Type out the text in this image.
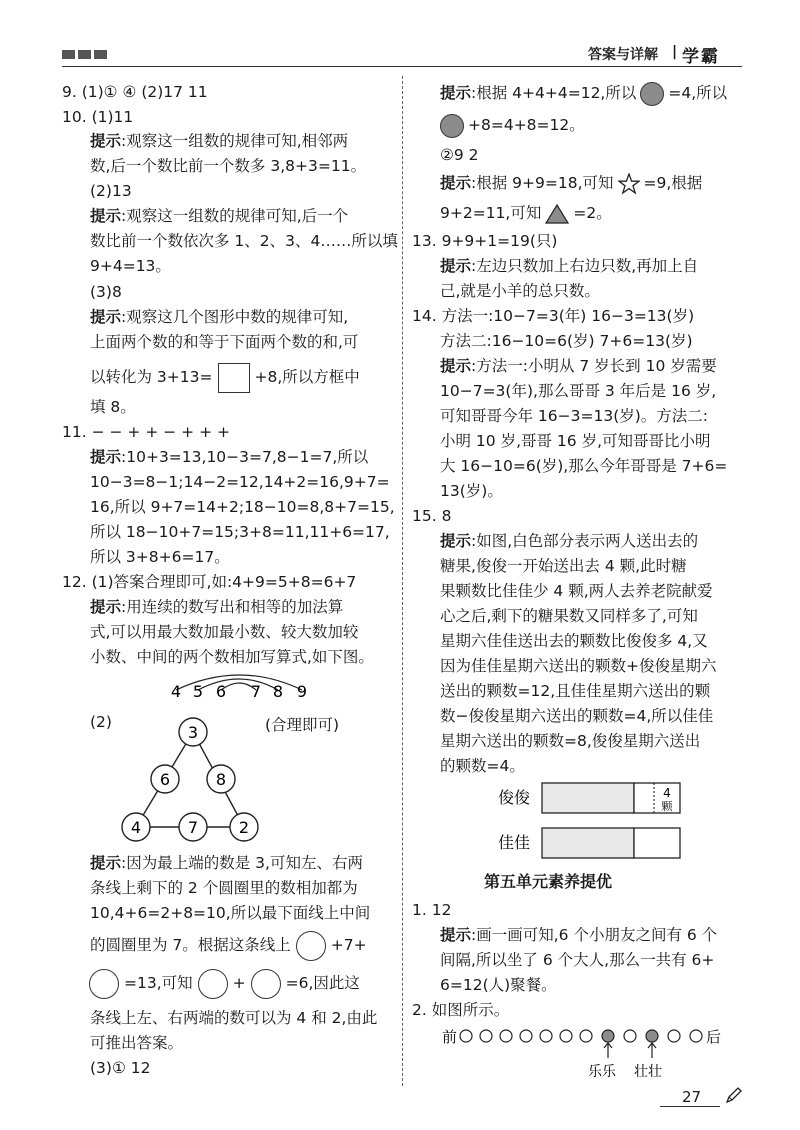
答案与详解 | 学霸
9. (1)① ④ (2)17 11
10. (1)11
提示:观察这一组数的规律可知,相邻两
数,后一个数比前一个数多 3,8+3=11。
(2)13
提示:观察这一组数的规律可知,后一个
数比前一个数依次多 1、2、3、4……所以填
9+4=13。
(3)8
提示:观察这几个图形中数的规律可知,
上面两个数的和等于下面两个数的和,可
以转化为 3+13=	+8,所以方框中
填 8。
11. − − + + − + + +
提示:10+3=13,10−3=7,8−1=7,所以
10−3=8−1;14−2=12,14+2=16,9+7=
16,所以 9+7=14+2;18−10=8,8+7=15,
所以 18−10+7=15;3+8=11,11+6=17,
所以 3+8+6=17。
12. (1)答案合理即可,如:4+9=5+8=6+7
提示:用连续的数写出和相等的加法算
式,可以用最大数加最小数、较大数加较
小数、中间的两个数相加写算式,如下图。
4 5 6 7 8 9
(2)	(合理即可)
3
6	8
4	7	2
提示:因为最上端的数是 3,可知左、右两
条线上剩下的 2 个圆圈里的数相加都为
10,4+6=2+8=10,所以最下面线上中间
的圆圈里为 7。根据这条线上	+7+
=13,可知	+	=6,因此这
条线上左、右两端的数可以为 4 和 2,由此
可推出答案。
(3)① 12
提示:根据 4+4+4=12,所以 =4,所以
+8=4+8=12。
②9 2
提示:根据 9+9=18,可知 =9,根据
9+2=11,可知 =2。
13. 9+9+1=19(只)
提示:左边只数加上右边只数,再加上自
己,就是小羊的总只数。
14. 方法一:10−7=3(年) 16−3=13(岁)
方法二:16−10=6(岁) 7+6=13(岁)
提示:方法一:小明从 7 岁长到 10 岁需要
10−7=3(年),那么哥哥 3 年后是 16 岁,
可知哥哥今年 16−3=13(岁)。方法二:
小明 10 岁,哥哥 16 岁,可知哥哥比小明
大 16−10=6(岁),那么今年哥哥是 7+6=
13(岁)。
15. 8
提示:如图,白色部分表示两人送出去的
糖果,俊俊一开始送出去 4 颗,此时糖
果颗数比佳佳少 4 颗,两人去养老院献爱
心之后,剩下的糖果数又同样多了,可知
星期六佳佳送出去的颗数比俊俊多 4,又
因为佳佳星期六送出的颗数+俊俊星期六
送出的颗数=12,且佳佳星期六送出的颗
数−俊俊星期六送出的颗数=4,所以佳佳
星期六送出的颗数=8,俊俊星期六送出
的颗数=4。
俊俊	4
颗
佳佳
第五单元素养提优
1. 12
提示:画一画可知,6 个小朋友之间有 6 个
间隔,所以坐了 6 个大人,那么一共有 6+
6=12(人)聚餐。
2. 如图所示。
前	后
乐乐 壮壮
27
